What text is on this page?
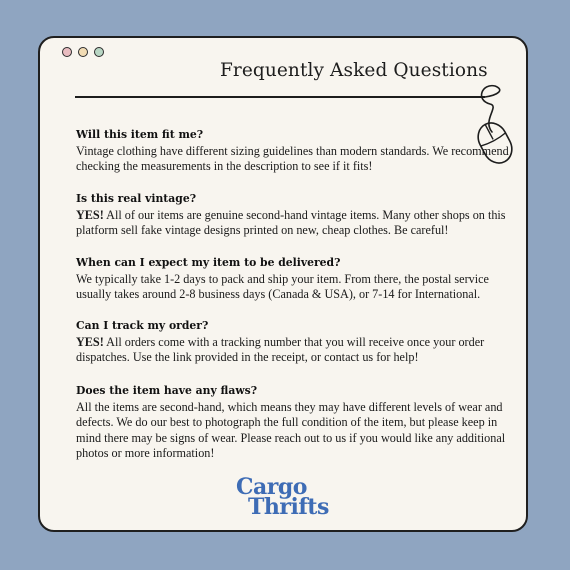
Frequently Asked Questions

Will this item fit me?

Vintage clothing have different sizing guidelines than modern standards. We recommend checking the measurements in the description to see if it fits!

Is this real vintage?

YES! All of our items are genuine second-hand vintage items. Many other shops on this platform sell fake vintage designs printed on new, cheap clothes. Be careful!

When can I expect my item to be delivered?

We typically take 1-2 days to pack and ship your item. From there, the postal service usually takes around 2-8 business days (Canada & USA), or 7-14 for International.

Can I track my order?

YES! All orders come with a tracking number that you will receive once your order dispatches. Use the link provided in the receipt, or contact us for help!

Does the item have any flaws?

All the items are second-hand, which means they may have different levels of wear and defects. We do our best to photograph the full condition of the item, but please keep in mind there may be signs of wear. Please reach out to us if you would like any additional photos or more information!

Cargo
Thrifts
